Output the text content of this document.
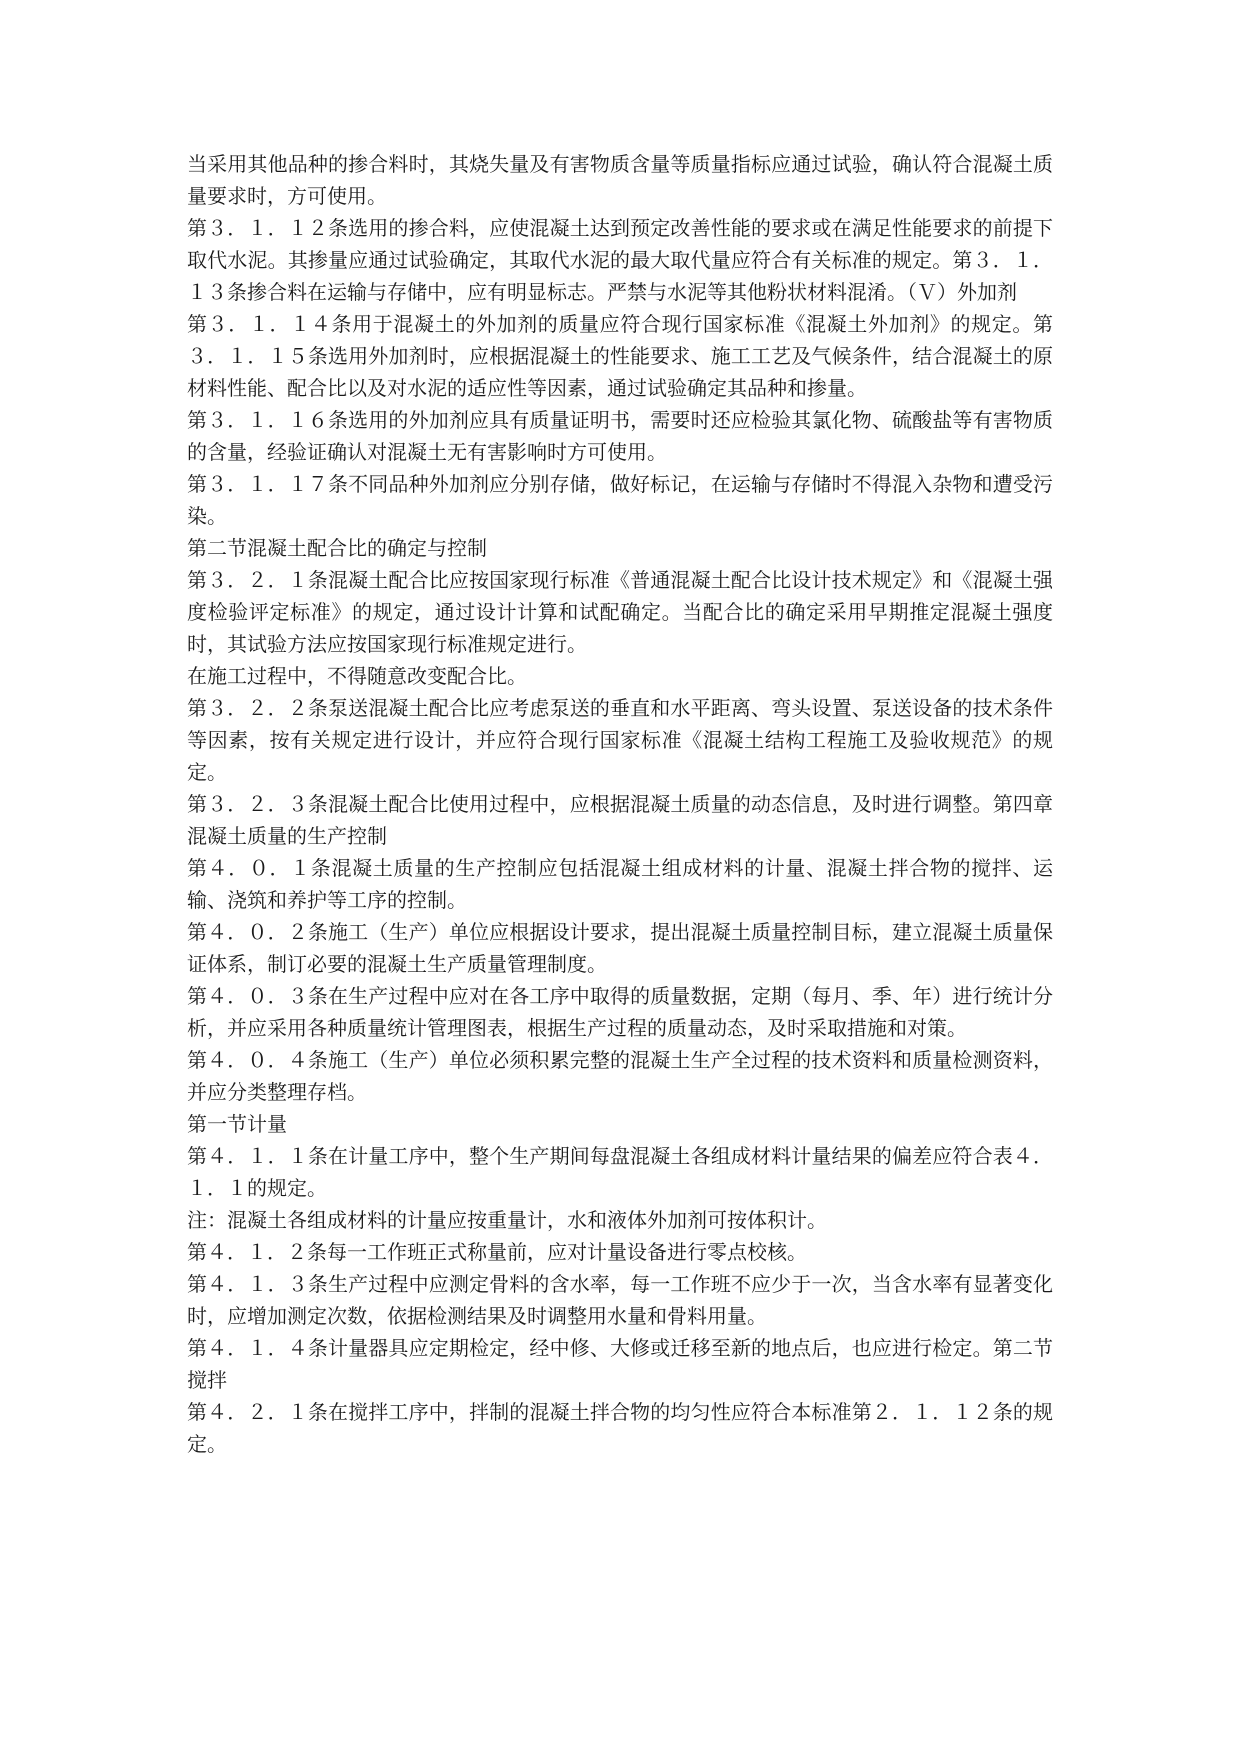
当采用其他品种的掺合料时，其烧失量及有害物质含量等质量指标应通过试验，确认符合混凝土质量要求时，方可使用。

第３．１．１２条选用的掺合料，应使混凝土达到预定改善性能的要求或在满足性能要求的前提下取代水泥。其掺量应通过试验确定，其取代水泥的最大取代量应符合有关标准的规定。第３．１．１３条掺合料在运输与存储中，应有明显标志。严禁与水泥等其他粉状材料混淆。（Ｖ）外加剂

第３．１．１４条用于混凝土的外加剂的质量应符合现行国家标准《混凝土外加剂》的规定。第３．１．１５条选用外加剂时，应根据混凝土的性能要求、施工工艺及气候条件，结合混凝土的原材料性能、配合比以及对水泥的适应性等因素，通过试验确定其品种和掺量。

第３．１．１６条选用的外加剂应具有质量证明书，需要时还应检验其氯化物、硫酸盐等有害物质的含量，经验证确认对混凝土无有害影响时方可使用。

第３．１．１７条不同品种外加剂应分别存储，做好标记，在运输与存储时不得混入杂物和遭受污染。

第二节混凝土配合比的确定与控制

第３．２．１条混凝土配合比应按国家现行标准《普通混凝土配合比设计技术规定》和《混凝土强度检验评定标准》的规定，通过设计计算和试配确定。当配合比的确定采用早期推定混凝土强度时，其试验方法应按国家现行标准规定进行。

在施工过程中，不得随意改变配合比。

第３．２．２条泵送混凝土配合比应考虑泵送的垂直和水平距离、弯头设置、泵送设备的技术条件等因素，按有关规定进行设计，并应符合现行国家标准《混凝土结构工程施工及验收规范》的规定。

第３．２．３条混凝土配合比使用过程中，应根据混凝土质量的动态信息，及时进行调整。第四章混凝土质量的生产控制

第４．０．１条混凝土质量的生产控制应包括混凝土组成材料的计量、混凝土拌合物的搅拌、运输、浇筑和养护等工序的控制。

第４．０．２条施工（生产）单位应根据设计要求，提出混凝土质量控制目标，建立混凝土质量保证体系，制订必要的混凝土生产质量管理制度。

第４．０．３条在生产过程中应对在各工序中取得的质量数据，定期（每月、季、年）进行统计分析，并应采用各种质量统计管理图表，根据生产过程的质量动态，及时采取措施和对策。

第４．０．４条施工（生产）单位必须积累完整的混凝土生产全过程的技术资料和质量检测资料，并应分类整理存档。

第一节计量

第４．１．１条在计量工序中，整个生产期间每盘混凝土各组成材料计量结果的偏差应符合表４．１．１的规定。

注：混凝土各组成材料的计量应按重量计，水和液体外加剂可按体积计。

第４．１．２条每一工作班正式称量前，应对计量设备进行零点校核。

第４．１．３条生产过程中应测定骨料的含水率，每一工作班不应少于一次，当含水率有显著变化时，应增加测定次数，依据检测结果及时调整用水量和骨料用量。

第４．１．４条计量器具应定期检定，经中修、大修或迁移至新的地点后，也应进行检定。第二节搅拌

第４．２．１条在搅拌工序中，拌制的混凝土拌合物的均匀性应符合本标准第２．１．１２条的规定。
